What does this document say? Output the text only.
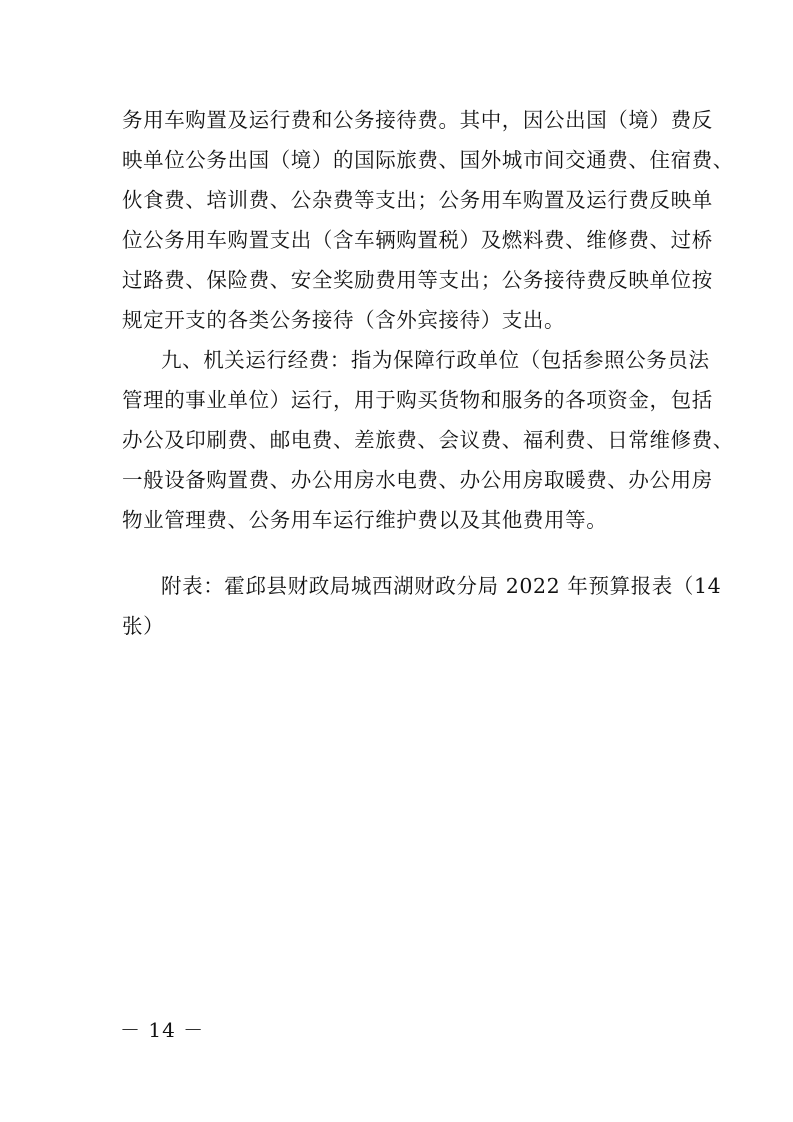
务用车购置及运行费和公务接待费。其中，因公出国（境）费反
映单位公务出国（境）的国际旅费、国外城市间交通费、住宿费、
伙食费、培训费、公杂费等支出；公务用车购置及运行费反映单
位公务用车购置支出（含车辆购置税）及燃料费、维修费、过桥
过路费、保险费、安全奖励费用等支出；公务接待费反映单位按
规定开支的各类公务接待（含外宾接待）支出。
九、机关运行经费：指为保障行政单位（包括参照公务员法
管理的事业单位）运行，用于购买货物和服务的各项资金，包括
办公及印刷费、邮电费、差旅费、会议费、福利费、日常维修费、
一般设备购置费、办公用房水电费、办公用房取暖费、办公用房
物业管理费、公务用车运行维护费以及其他费用等。
附表：霍邱县财政局城西湖财政分局 2022 年预算报表（14
张）
－ 14 －
